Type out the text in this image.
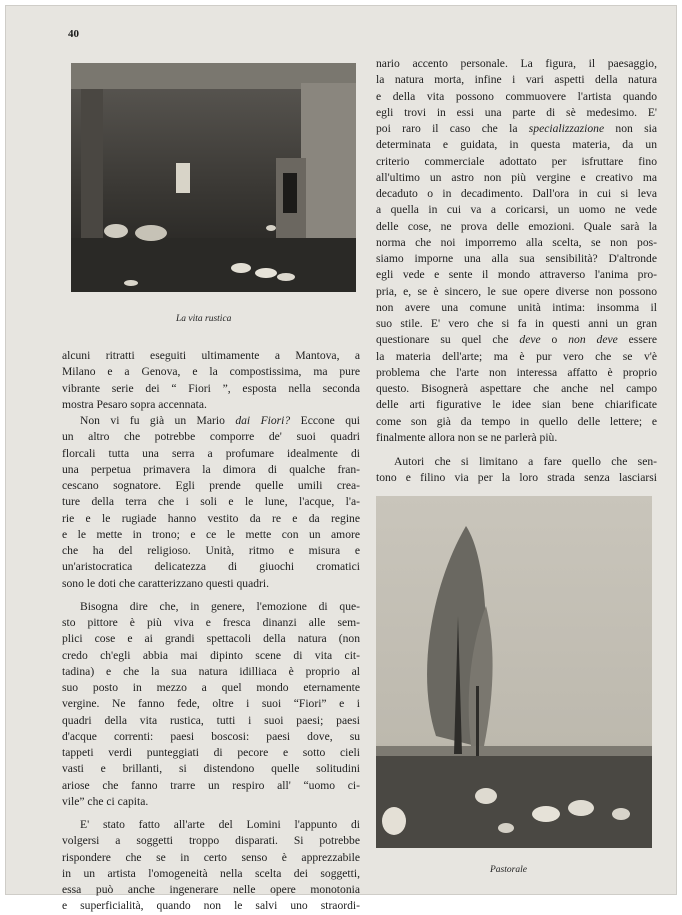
40
La vita rustica
Pastorale
alcuni ritratti eseguiti ultimamente a Mantova, a
Milano e a Genova, e la compostissima, ma pure
vibrante serie dei “ Fiori ”, esposta nella seconda
mostra Pesaro sopra accennata.
Non vi fu già un Mario dai Fiori? Eccone qui
un altro che potrebbe comporre de' suoi quadri
florcali tutta una serra a profumare idealmente di
una perpetua primavera la dimora di qualche fran-
cescano sognatore. Egli prende quelle umili crea-
ture della terra che i soli e le lune, l'acque, l'a-
rie e le rugiade hanno vestito da re e da regine
e le mette in trono; e ce le mette con un amore
che ha del religioso. Unità, ritmo e misura e
un'aristocratica delicatezza di giuochi cromatici
sono le doti che caratterizzano questi quadri.
Bisogna dire che, in genere, l'emozione di que-
sto pittore è più viva e fresca dinanzi alle sem-
plici cose e ai grandi spettacoli della natura (non
credo ch'egli abbia mai dipinto scene di vita cit-
tadina) e che la sua natura idilliaca è proprio al
suo posto in mezzo a quel mondo eternamente
vergine. Ne fanno fede, oltre i suoi “Fiori” e i
quadri della vita rustica, tutti i suoi paesi; paesi
d'acque correnti: paesi boscosi: paesi dove, su
tappeti verdi punteggiati di pecore e sotto cieli
vasti e brillanti, si distendono quelle solitudini
ariose che fanno trarre un respiro all' “uomo ci-
vile” che ci capita.
E' stato fatto all'arte del Lomini l'appunto di
volgersi a soggetti troppo disparati. Si potrebbe
rispondere che se in certo senso è apprezzabile
in un artista l'omogeneità nella scelta dei soggetti,
essa può anche ingenerare nelle opere monotonia
e superficialità, quando non le salvi uno straordi-
nario accento personale. La figura, il paesaggio,
la natura morta, infine i vari aspetti della natura
e della vita possono commuovere l'artista quando
egli trovi in essi una parte di sè medesimo. E'
poi raro il caso che la specializzazione non sia
determinata e guidata, in questa materia, da un
criterio commerciale adottato per isfruttare fino
all'ultimo un astro non più vergine e creativo ma
decaduto o in decadimento. Dall'ora in cui si leva
a quella in cui va a coricarsi, un uomo ne vede
delle cose, ne prova delle emozioni. Quale sarà la
norma che noi imporremo alla scelta, se non pos-
siamo imporne una alla sua sensibilità? D'altronde
egli vede e sente il mondo attraverso l'anima pro-
pria, e, se è sincero, le sue opere diverse non possono
non avere una comune unità intima: insomma il
suo stile. E' vero che si fa in questi anni un gran
questionare su quel che deve o non deve essere
la materia dell'arte; ma è pur vero che se v'è
problema che l'arte non interessa affatto è proprio
questo. Bisognerà aspettare che anche nel campo
delle arti figurative le idee sian bene chiarificate
come son già da tempo in quello delle lettere; e
finalmente allora non se ne parlerà più.
Autori che si limitano a fare quello che sen-
tono e filino via per la loro strada senza lasciarsi
